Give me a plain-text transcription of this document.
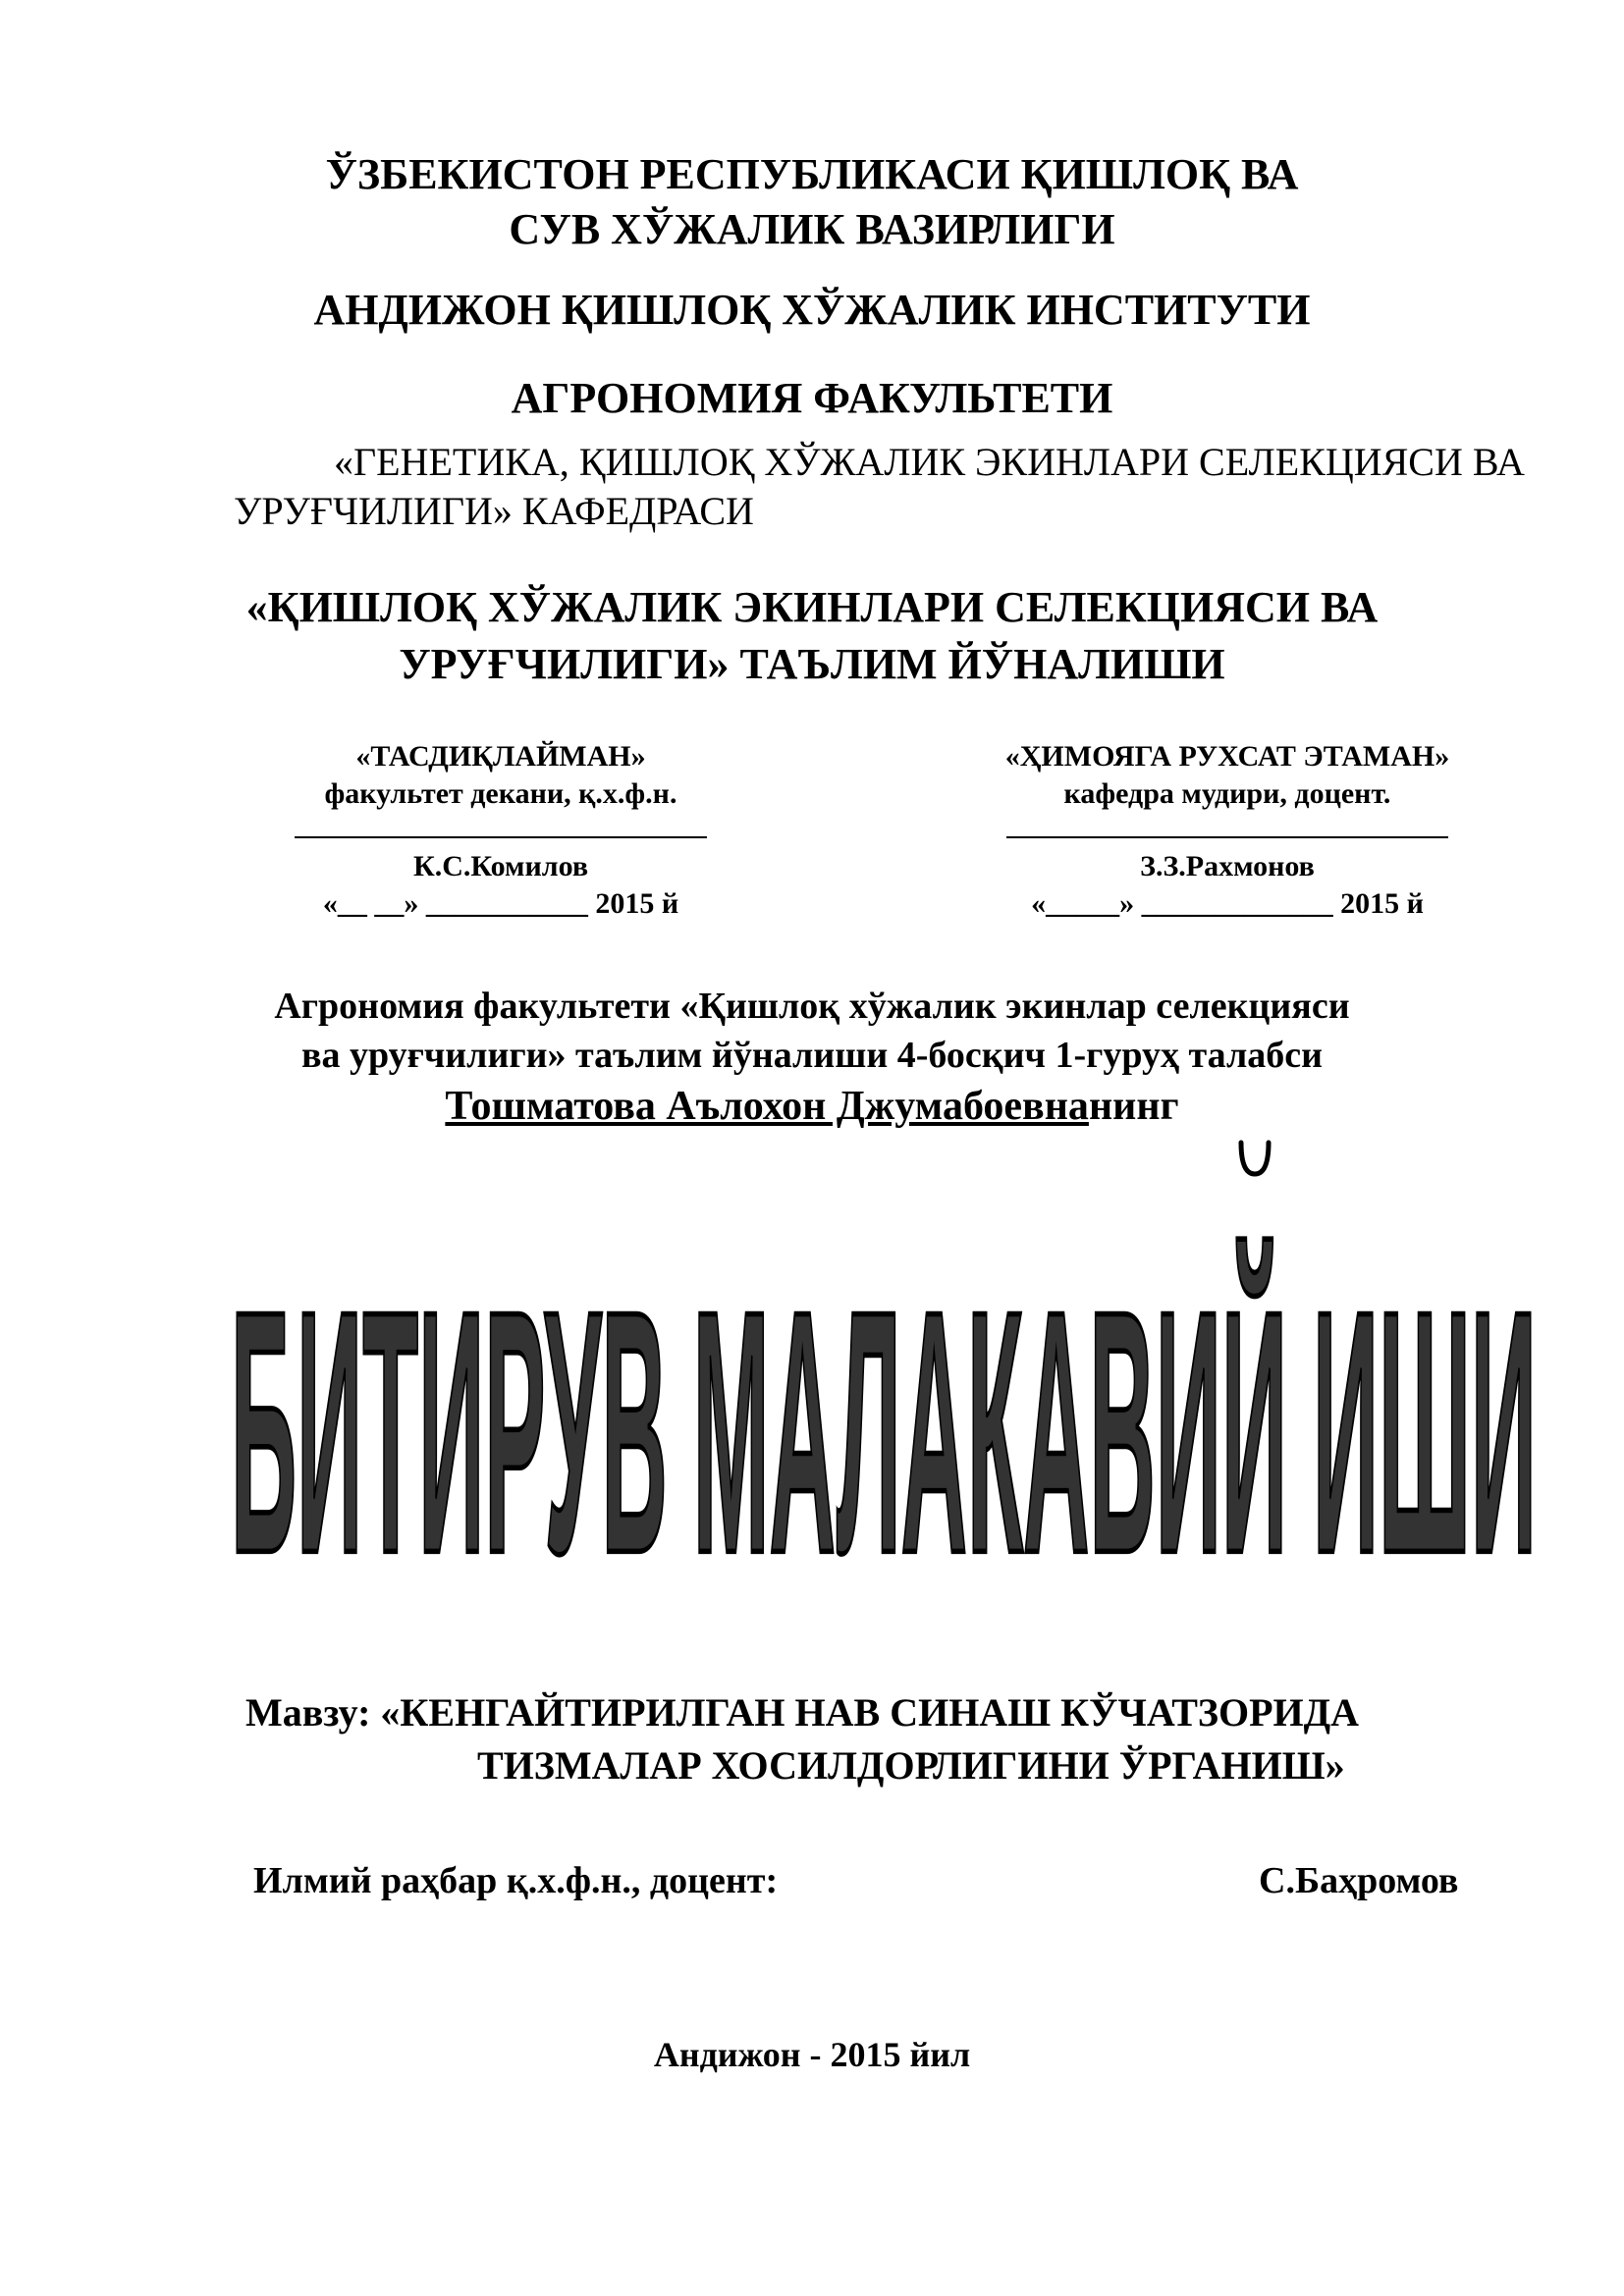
ЎЗБЕКИСТОН РЕСПУБЛИКАСИ ҚИШЛОҚ ВА
СУВ ХЎЖАЛИК ВАЗИРЛИГИ
АНДИЖОН ҚИШЛОҚ ХЎЖАЛИК ИНСТИТУТИ
АГРОНОМИЯ ФАКУЛЬТЕТИ
«ГЕНЕТИКА, ҚИШЛОҚ ХЎЖАЛИК ЭКИНЛАРИ СЕЛЕКЦИЯСИ ВА
УРУҒЧИЛИГИ» КАФЕДРАСИ
«ҚИШЛОҚ ХЎЖАЛИК ЭКИНЛАРИ СЕЛЕКЦИЯСИ ВА
УРУҒЧИЛИГИ» ТАЪЛИМ ЙЎНАЛИШИ
«ТАСДИҚЛАЙМАН»
факультет декани, қ.х.ф.н.
К.С.Комилов
«__ __» ___________ 2015 й
«ҲИМОЯГА РУХСАТ ЭТАМАН»
кафедра мудири, доцент.
З.З.Рахмонов
«_____» _____________ 2015 й
Агрономия факультети «Қишлоқ хўжалик экинлар селекцияси
ва уруғчилиги» таълим йўналиши 4-босқич 1-гуруҳ талабси
Тошматова Аълохон Джумабоевнанинг
БИТИРУВ МАЛАКАВИЙ ИШИ
Мавзу: «КЕНГАЙТИРИЛГАН НАВ СИНАШ КЎЧАТЗОРИДА
ТИЗМАЛАР ХОСИЛДОРЛИГИНИ ЎРГАНИШ»
Илмий раҳбар қ.х.ф.н., доцент:	С.Баҳромов
Андижон - 2015 йил
